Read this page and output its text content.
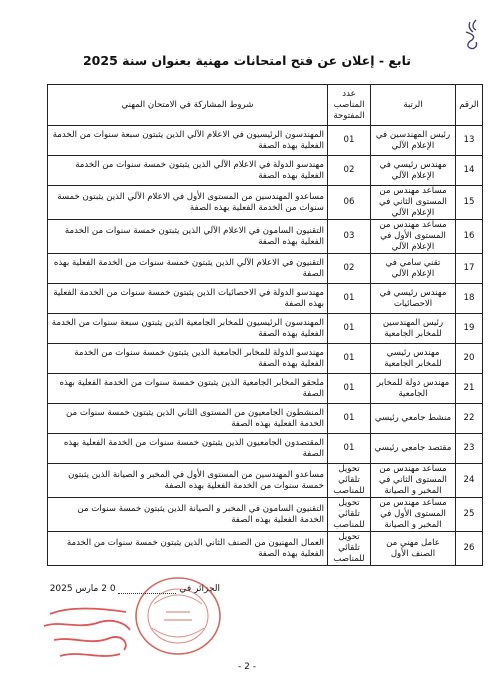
تابع - إعلان عن فتح امتحانات مهنية بعنوان سنة 2025
الرقم	الرتبة	عدد المناصب المفتوحة	شروط المشاركة في الامتحان المهني
13	رئيس المهندسين في الإعلام الآلي	01	المهندسون الرئيسيون في الاعلام الآلي الذين يثبتون سبعة سنوات من الخدمة الفعلية بهذه الصفة
14	مهندس رئيسي في الإعلام الآلي	02	مهندسو الدولة في الاعلام الآلي الذين يثبتون خمسة سنوات من الخدمة الفعلية بهذه الصفة
15	مساعد مهندس من المستوى الثاني في الإعلام الآلي	06	مساعدو المهندسين من المستوى الأول في الاعلام الآلي الذين يثبتون خمسة سنوات من الخدمة الفعلية بهذه الصفة
16	مساعد مهندس من المستوى الأول في الإعلام الآلي	03	التقنيون السامون في الاعلام الآلي الذين يثبتون خمسة سنوات من الخدمة الفعلية بهذه الصفة
17	تقني سامي في الإعلام الآلي	02	التقنيون في الاعلام الآلي الذين يثبتون خمسة سنوات من الخدمة الفعلية بهذه الصفة
18	مهندس رئيسي في الاحصائيات	01	مهندسو الدولة في الاحصائيات الذين يثبتون خمسة سنوات من الخدمة الفعلية بهذه الصفة
19	رئيس المهندسين للمخابر الجامعية	01	المهندسون الرئيسيون للمخابر الجامعية الذين يثبتون سبعة سنوات من الخدمة الفعلية بهذه الصفة
20	مهندس رئيسي للمخابر الجامعية	01	مهندسو الدولة للمخابر الجامعية الذين يثبتون خمسة سنوات من الخدمة الفعلية بهذه الصفة
21	مهندس دولة للمخابر الجامعية	01	ملحقو المخابر الجامعية الذين يثبتون خمسة سنوات من الخدمة الفعلية بهذه الصفة
22	منشط جامعي رئيسي	01	المنشطون الجامعيون من المستوى الثاني الذين يثبتون خمسة سنوات من الخدمة الفعلية بهذه الصفة
23	مقتصد جامعي رئيسي	01	المقتصدون الجامعيون الذين يثبتون خمسة سنوات من الخدمة الفعلية بهذه الصفة
24	مساعد مهندس من المستوى الثاني في المخبر و الصيانة	تحويل تلقائي للمناصب	مساعدو المهندسين من المستوى الأول في المخبر و الصيانة الذين يثبتون خمسة سنوات من الخدمة الفعلية بهذه الصفة
25	مساعد مهندس من المستوى الأول في المخبر و الصيانة	تحويل تلقائي للمناصب	التقنيون السامون في المخبر و الصيانة الذين يثبتون خمسة سنوات من الخدمة الفعلية بهذه الصفة
26	عامل مهني من الصنف الأول	تحويل تلقائي للمناصب	العمال المهنيون من الصنف الثاني الذين يثبتون خمسة سنوات من الخدمة الفعلية بهذه الصفة
الجزائر في  0 2 مارس 2025
- 2 -
